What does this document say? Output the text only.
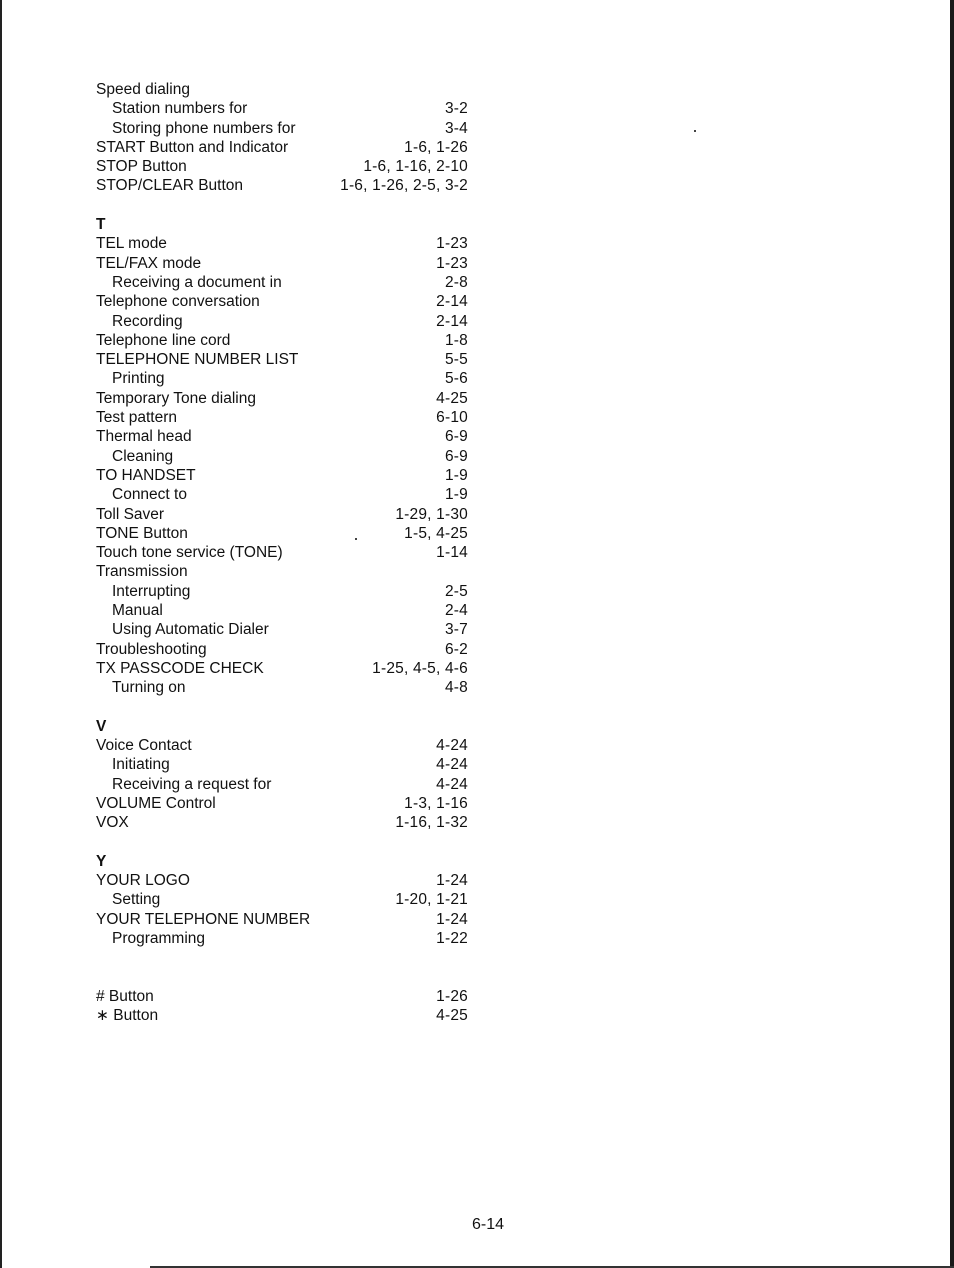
Speed dialing
Station numbers for	3-2
Storing phone numbers for	3-4
START Button and Indicator	1-6, 1-26
STOP Button	1-6, 1-16, 2-10
STOP/CLEAR Button	1-6, 1-26, 2-5, 3-2
T
TEL mode	1-23
TEL/FAX mode	1-23
Receiving a document in	2-8
Telephone conversation	2-14
Recording	2-14
Telephone line cord	1-8
TELEPHONE NUMBER LIST	5-5
Printing	5-6
Temporary Tone dialing	4-25
Test pattern	6-10
Thermal head	6-9
Cleaning	6-9
TO HANDSET	1-9
Connect to	1-9
Toll Saver	1-29, 1-30
TONE Button	1-5, 4-25
Touch tone service (TONE)	1-14
Transmission
Interrupting	2-5
Manual	2-4
Using Automatic Dialer	3-7
Troubleshooting	6-2
TX PASSCODE CHECK	1-25, 4-5, 4-6
Turning on	4-8
V
Voice Contact	4-24
Initiating	4-24
Receiving a request for	4-24
VOLUME Control	1-3, 1-16
VOX	1-16, 1-32
Y
YOUR LOGO	1-24
Setting	1-20, 1-21
YOUR TELEPHONE NUMBER	1-24
Programming	1-22
# Button	1-26
∗ Button	4-25
6-14
